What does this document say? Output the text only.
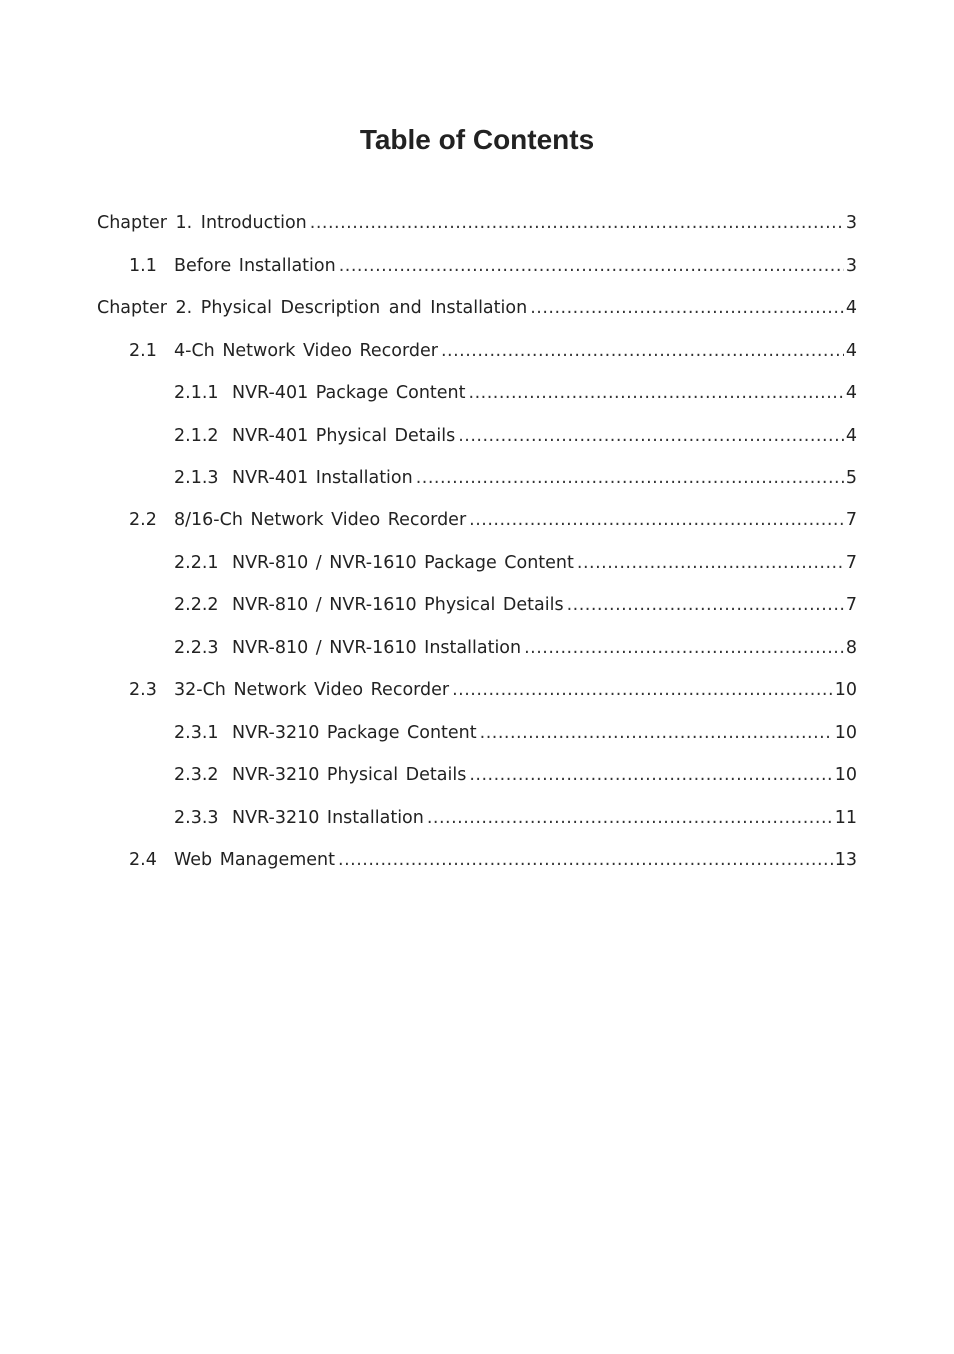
Table of Contents
Chapter 1. Introduction .....	3
1.1 Before Installation .....	3
Chapter 2. Physical Description and Installation .....	4
2.1 4-Ch Network Video Recorder .....	4
2.1.1 NVR-401 Package Content .....	4
2.1.2 NVR-401 Physical Details .....	4
2.1.3 NVR-401 Installation .....	5
2.2 8/16-Ch Network Video Recorder .....	7
2.2.1 NVR-810 / NVR-1610 Package Content .....	7
2.2.2 NVR-810 / NVR-1610 Physical Details .....	7
2.2.3 NVR-810 / NVR-1610 Installation .....	8
2.3 32-Ch Network Video Recorder .....	10
2.3.1 NVR-3210 Package Content .....	10
2.3.2 NVR-3210 Physical Details .....	10
2.3.3 NVR-3210 Installation .....	11
2.4 Web Management .....	13
